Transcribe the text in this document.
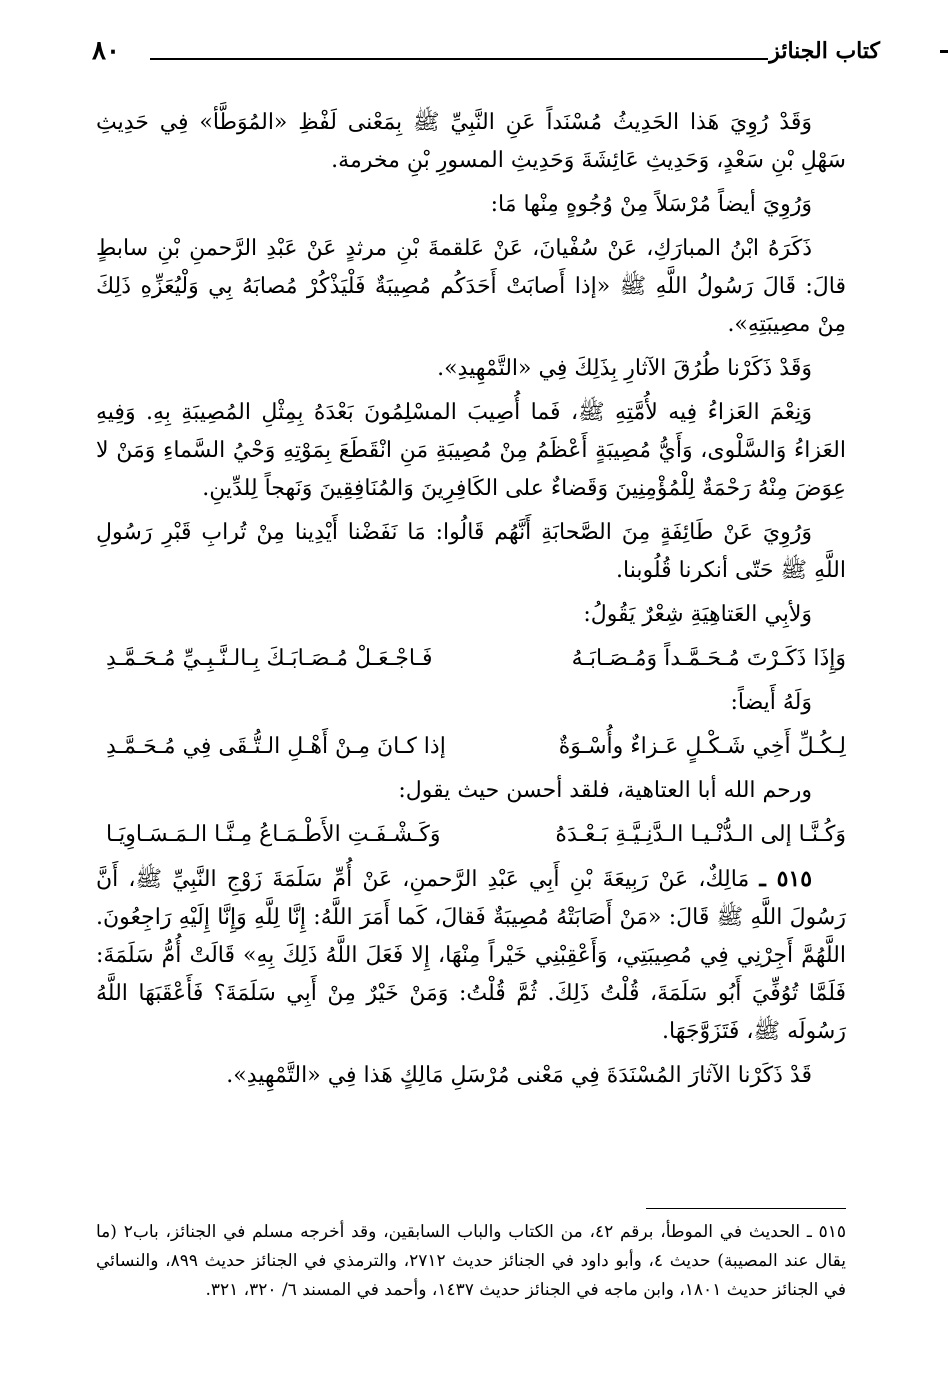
كتاب الجنائز
٨٠

وَقَدْ رُوِيَ هَذا الحَدِيثُ مُسْنَداً عَنِ النَّبِيِّ ﷺ بِمَعْنى لَفْظِ «المُوَطَّأ» فِي حَدِيثِ سَهْلِ بْنِ سَعْدٍ، وَحَدِيثِ عَائِشَةَ وَحَدِيثِ المسورِ بْنِ مخرمة.

وَرُوِيَ أيضاً مُرْسَلاً مِنْ وُجُوهٍ مِنْها مَا:

ذَكَرَهُ ابْنُ المبارَكِ، عَنْ سُفْيانَ، عَنْ عَلقمةَ بْنِ مرثدٍ عَنْ عَبْدِ الرَّحمنِ بْنِ سابطٍ قالَ: قَالَ رَسُولُ اللَّهِ ﷺ «إذا أَصابَتْ أَحَدَكُم مُصِيبَةٌ فَلْيَذْكُرْ مُصابَهُ بِي وَلْيُعَزِّهِ ذَلِكَ مِنْ مصِيبَتِهِ».

وَقَدْ ذَكَرْنا طُرُقَ الآثارِ بِذَلِكَ فِي «التَّمْهِيدِ».

وَنِعْمَ العَزاءُ فِيه لأُمَّتِهِ ﷺ، فَما أُصِيبَ المسْلِمُونَ بَعْدَهُ بِمِثْلِ المُصِيبَةِ بِهِ. وَفِيهِ العَزاءُ وَالسَّلْوى، وَأَيُّ مُصِيبَةٍ أَعْظَمُ مِنْ مُصِيبَةِ مَنِ انْقَطَعَ بِمَوْتِهِ وَحْيُ السَّماءِ وَمَنْ لا عِوَضَ مِنْهُ رَحْمَةٌ لِلْمُؤْمِنِينَ وَقَضاءٌ على الكَافِرِينَ وَالمُنَافِقِينَ وَنَهجاً لِلدِّينِ.

وَرُوِيَ عَنْ طَائِفَةٍ مِنَ الصَّحابَةِ أَنَّهُم قَالُوا: مَا نَفَضْنا أَيْدِينا مِنْ تُرابِ قَبْرِ رَسُولِ اللَّهِ ﷺ حَتّى أنكرنا قُلُوبنا.

وَلأبِي العَتاهِيَةِ شِعْرٌ يَقُولُ:

وَإِذَا ذَكَـرْتَ مُـحَـمَّـداً وَمُـصَـابَـهُ
فَـاجْـعَـلْ مُـصَـابَـكَ بِـالـنَّـبِـيِّ مُـحَـمَّـدِ

وَلَهُ أَيضاً:

لِـكُـلِّ أَخِي شَـكْـلٍ عَـزاءٌ وأُسْـوَةٌ
إذا كـانَ مِـنْ أَهْـلِ الـتُّـقَى فِي مُـحَـمَّـدِ

ورحم الله أبا العتاهية، فلقد أحسن حيث يقول:

وَكُـنَّـا إلى الـدُّنْـيـا الـدَّنِـيَّـةِ بَـعْـدَهُ
وَكَـشْـفَـتِ الأَطْـمَـاعُ مِـنَّـا الـمَـسَـاوِيَـا

٥١٥ ـ مَالِكٌ، عَنْ رَبِيعَةَ بْنِ أَبِي عَبْدِ الرَّحمنِ، عَنْ أُمِّ سَلَمَةَ زَوْجِ النَّبِيِّ ﷺ، أَنَّ رَسُولَ اللَّهِ ﷺ قَالَ: «مَنْ أَصَابَتْهُ مُصِيبَةٌ فَقالَ، كَما أَمَرَ اللَّهُ: إِنَّا لِلَّهِ وَإِنَّا إِلَيْهِ رَاجِعُونَ. اللَّهُمَّ أَجِرْنِي فِي مُصِيبَتِي، وَأَعْقِبْنِي خَيْراً مِنْهَا، إِلا فَعَلَ اللَّهُ ذَلِكَ بِهِ» قَالَتْ أُمُّ سَلَمَةَ: فَلَمَّا تُوُفِّيَ أَبُو سَلَمَةَ، قُلْتُ ذَلِكَ. ثُمَّ قُلْتُ: وَمَنْ خَيْرٌ مِنْ أَبِي سَلَمَةَ؟ فَأَعْقَبَهَا اللَّهُ رَسُولَه ﷺ، فَتَزَوَّجَهَا.

قَدْ ذَكَرْنا الآثارَ المُسْنَدَةَ فِي مَعْنى مُرْسَلِ مَالِكٍ هَذا فِي «التَّمْهِيدِ».

٥١٥ ـ الحديث في الموطأ، برقم ٤٢، من الكتاب والباب السابقين، وقد أخرجه مسلم في الجنائز، باب٢ (ما يقال عند المصيبة) حديث ٤، وأبو داود في الجنائز حديث ٢٧١٢، والترمذي في الجنائز حديث ٨٩٩، والنسائي في الجنائز حديث ١٨٠١، وابن ماجه في الجنائز حديث ١٤٣٧، وأحمد في المسند ٦/ ٣٢٠، ٣٢١.
